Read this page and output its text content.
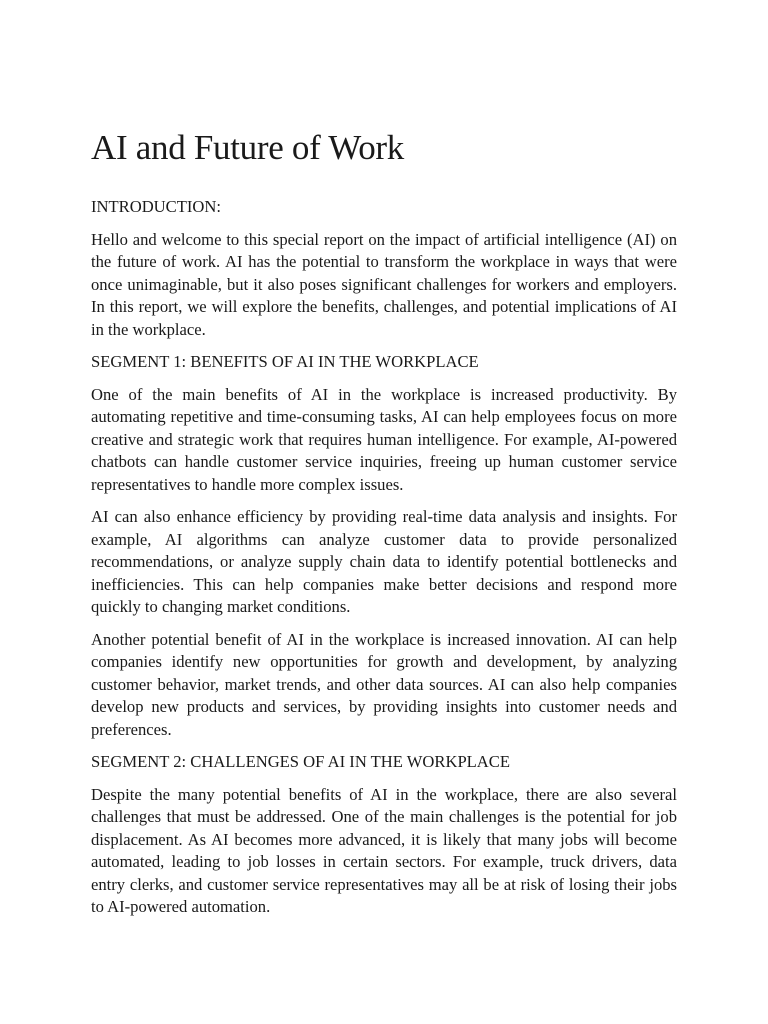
AI and Future of Work

INTRODUCTION:

Hello and welcome to this special report on the impact of artificial intelligence (AI) on the future of work. AI has the potential to transform the workplace in ways that were once unimaginable, but it also poses significant challenges for workers and employers. In this report, we will explore the benefits, challenges, and potential implications of AI in the workplace.

SEGMENT 1: BENEFITS OF AI IN THE WORKPLACE

One of the main benefits of AI in the workplace is increased productivity. By automating repetitive and time-consuming tasks, AI can help employees focus on more creative and strategic work that requires human intelligence. For example, AI-powered chatbots can handle customer service inquiries, freeing up human customer service representatives to handle more complex issues.

AI can also enhance efficiency by providing real-time data analysis and insights. For example, AI algorithms can analyze customer data to provide personalized recommendations, or analyze supply chain data to identify potential bottlenecks and inefficiencies. This can help companies make better decisions and respond more quickly to changing market conditions.

Another potential benefit of AI in the workplace is increased innovation. AI can help companies identify new opportunities for growth and development, by analyzing customer behavior, market trends, and other data sources. AI can also help companies develop new products and services, by providing insights into customer needs and preferences.

SEGMENT 2: CHALLENGES OF AI IN THE WORKPLACE

Despite the many potential benefits of AI in the workplace, there are also several challenges that must be addressed. One of the main challenges is the potential for job displacement. As AI becomes more advanced, it is likely that many jobs will become automated, leading to job losses in certain sectors. For example, truck drivers, data entry clerks, and customer service representatives may all be at risk of losing their jobs to AI-powered automation.
